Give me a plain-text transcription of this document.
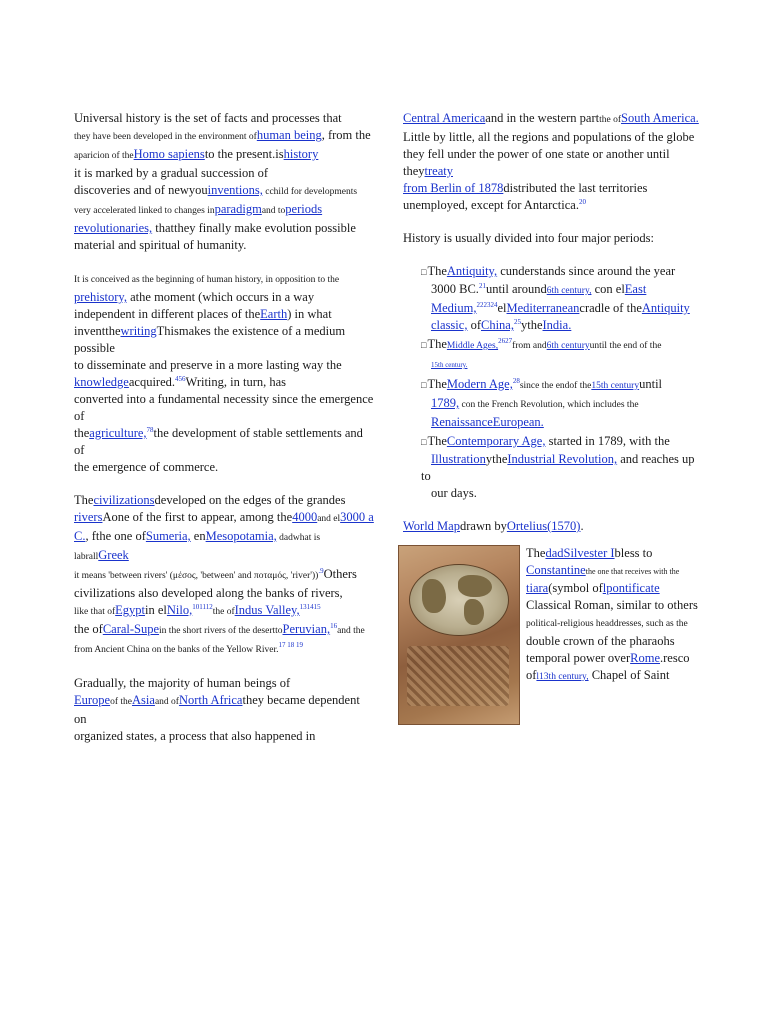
Universal history is the set of facts and processes that
they have been developed in the environment ofhuman being, from the
aparicion of theHomo sapiensto the present.ishistory
it is marked by a gradual succession of
discoveries and of newyouinventions, cchild for developments
very accelerated linked to changes inparadigmand toperiods
revolutionaries, thatthey finally make evolution possible
material and spiritual of humanity.

It is conceived as the beginning of human history, in opposition to the
prehistory, athe moment (which occurs in a way
independent in different places of theEarth) in what
inventthewritingThismakes the existence of a medium possible
to disseminate and preserve in a more lasting way the
knowledgeacquired.$^{456}$Writing, in turn, has
converted into a fundamental necessity since the emergence of
theagriculture,$^{78}$the development of stable settlements and of
the emergence of commerce.

Thecivilizationsdeveloped on the edges of the grandes
riversAone of the first to appear, among the4000and el3000 a
C., fthe one ofSumeria, enMesopotamia, dadwhat is labrallGreek
it means 'between rivers' (μέσος, 'between' and ποταμός, 'river'))$^{.9}$Others
civilizations also developed along the banks of rivers,
like that ofEgyptin elNilo,$^{101112}$the ofIndus Valley,$^{131415}$
the ofCaral-Supein the short rivers of the deserttoPeruvian,$^{16}$and the
from Ancient China on the banks of the Yellow River.$^{17 18 19}$

Gradually, the majority of human beings of
Europeof theAsiaand ofNorth Africathey became dependent on
organized states, a process that also happened in

Central Americaand in the western partthe ofSouth America.
Little by little, all the regions and populations of the globe
they fell under the power of one state or another until theytreaty
from Berlin of 1878distributed the last territories
unemployed, except for Antarctica.$^{20}$

History is usually divided into four major periods:

□TheAntiquity, cunderstands since around the year
3000 BC.$^{21}$until around6th century, con elEast
Medium,$^{222324}$elMediterraneancradle of theAntiquity
classic, ofChina,$^{25}$ytheIndia.
□TheMiddle Ages,$^{2627}$from and6th centuryuntil the end of the
15th century.
□TheModern Age,$^{28}$since the endof the15th centuryuntil
1789, con the French Revolution, which includes the
RenaissanceEuropean.
□TheContemporary Age, started in 1789, with the
IllustrationytheIndustrial Revolution, and reaches up to
our days.

World Mapdrawn byOrtelius(1570).

ThedadSilvester Ibless to
Constantinethe one that receives with the
tiara(symbol oflpontificate
Classical Roman, similar to others
political-religious headdresses, such as the
double crown of the pharaohs
temporal power overRome.resco
ofl13th century, Chapel of Saint
